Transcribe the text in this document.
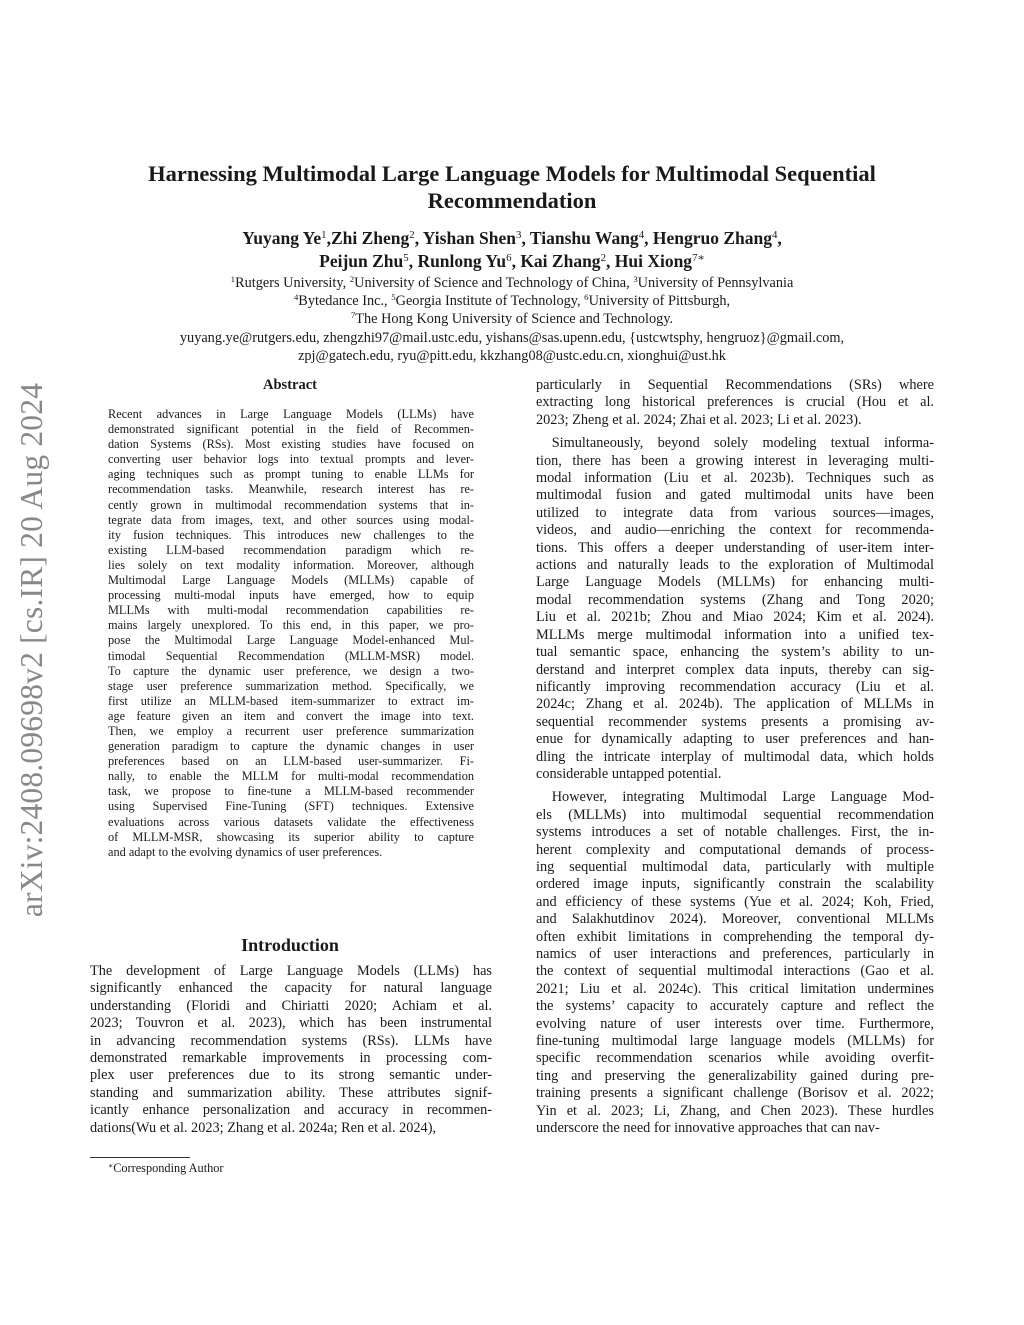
arXiv:2408.09698v2 [cs.IR] 20 Aug 2024
Harnessing Multimodal Large Language Models for Multimodal Sequential
Recommendation
Yuyang Ye$^1$,Zhi Zheng$^2$, Yishan Shen$^3$, Tianshu Wang$^4$, Hengruo Zhang$^4$,
Peijun Zhu$^5$, Runlong Yu$^6$, Kai Zhang$^2$, Hui Xiong$^{7∗}$
$^1$Rutgers University, $^2$University of Science and Technology of China, $^3$University of Pennsylvania
$^4$Bytedance Inc., $^5$Georgia Institute of Technology, $^6$University of Pittsburgh,
$^7$The Hong Kong University of Science and Technology.
yuyang.ye@rutgers.edu, zhengzhi97@mail.ustc.edu, yishans@sas.upenn.edu, {ustcwtsphy, hengruoz}@gmail.com,
zpj@gatech.edu, ryu@pitt.edu, kkzhang08@ustc.edu.cn, xionghui@ust.hk
Abstract
Recent advances in Large Language Models (LLMs) have
demonstrated significant potential in the field of Recommen-
dation Systems (RSs). Most existing studies have focused on
converting user behavior logs into textual prompts and lever-
aging techniques such as prompt tuning to enable LLMs for
recommendation tasks. Meanwhile, research interest has re-
cently grown in multimodal recommendation systems that in-
tegrate data from images, text, and other sources using modal-
ity fusion techniques. This introduces new challenges to the
existing LLM-based recommendation paradigm which re-
lies solely on text modality information. Moreover, although
Multimodal Large Language Models (MLLMs) capable of
processing multi-modal inputs have emerged, how to equip
MLLMs with multi-modal recommendation capabilities re-
mains largely unexplored. To this end, in this paper, we pro-
pose the Multimodal Large Language Model-enhanced Mul-
timodal Sequential Recommendation (MLLM-MSR) model.
To capture the dynamic user preference, we design a two-
stage user preference summarization method. Specifically, we
first utilize an MLLM-based item-summarizer to extract im-
age feature given an item and convert the image into text.
Then, we employ a recurrent user preference summarization
generation paradigm to capture the dynamic changes in user
preferences based on an LLM-based user-summarizer. Fi-
nally, to enable the MLLM for multi-modal recommendation
task, we propose to fine-tune a MLLM-based recommender
using Supervised Fine-Tuning (SFT) techniques. Extensive
evaluations across various datasets validate the effectiveness
of MLLM-MSR, showcasing its superior ability to capture
and adapt to the evolving dynamics of user preferences.
Introduction
The development of Large Language Models (LLMs) has
significantly enhanced the capacity for natural language
understanding (Floridi and Chiriatti 2020; Achiam et al.
2023; Touvron et al. 2023), which has been instrumental
in advancing recommendation systems (RSs). LLMs have
demonstrated remarkable improvements in processing com-
plex user preferences due to its strong semantic under-
standing and summarization ability. These attributes signif-
icantly enhance personalization and accuracy in recommen-
dations(Wu et al. 2023; Zhang et al. 2024a; Ren et al. 2024),
∗Corresponding Author
particularly in Sequential Recommendations (SRs) where
extracting long historical preferences is crucial (Hou et al.
2023; Zheng et al. 2024; Zhai et al. 2023; Li et al. 2023).
Simultaneously, beyond solely modeling textual informa-
tion, there has been a growing interest in leveraging multi-
modal information (Liu et al. 2023b). Techniques such as
multimodal fusion and gated multimodal units have been
utilized to integrate data from various sources—images,
videos, and audio—enriching the context for recommenda-
tions. This offers a deeper understanding of user-item inter-
actions and naturally leads to the exploration of Multimodal
Large Language Models (MLLMs) for enhancing multi-
modal recommendation systems (Zhang and Tong 2020;
Liu et al. 2021b; Zhou and Miao 2024; Kim et al. 2024).
MLLMs merge multimodal information into a unified tex-
tual semantic space, enhancing the system’s ability to un-
derstand and interpret complex data inputs, thereby can sig-
nificantly improving recommendation accuracy (Liu et al.
2024c; Zhang et al. 2024b). The application of MLLMs in
sequential recommender systems presents a promising av-
enue for dynamically adapting to user preferences and han-
dling the intricate interplay of multimodal data, which holds
considerable untapped potential.
However, integrating Multimodal Large Language Mod-
els (MLLMs) into multimodal sequential recommendation
systems introduces a set of notable challenges. First, the in-
herent complexity and computational demands of process-
ing sequential multimodal data, particularly with multiple
ordered image inputs, significantly constrain the scalability
and efficiency of these systems (Yue et al. 2024; Koh, Fried,
and Salakhutdinov 2024). Moreover, conventional MLLMs
often exhibit limitations in comprehending the temporal dy-
namics of user interactions and preferences, particularly in
the context of sequential multimodal interactions (Gao et al.
2021; Liu et al. 2024c). This critical limitation undermines
the systems’ capacity to accurately capture and reflect the
evolving nature of user interests over time. Furthermore,
fine-tuning multimodal large language models (MLLMs) for
specific recommendation scenarios while avoiding overfit-
ting and preserving the generalizability gained during pre-
training presents a significant challenge (Borisov et al. 2022;
Yin et al. 2023; Li, Zhang, and Chen 2023). These hurdles
underscore the need for innovative approaches that can nav-
